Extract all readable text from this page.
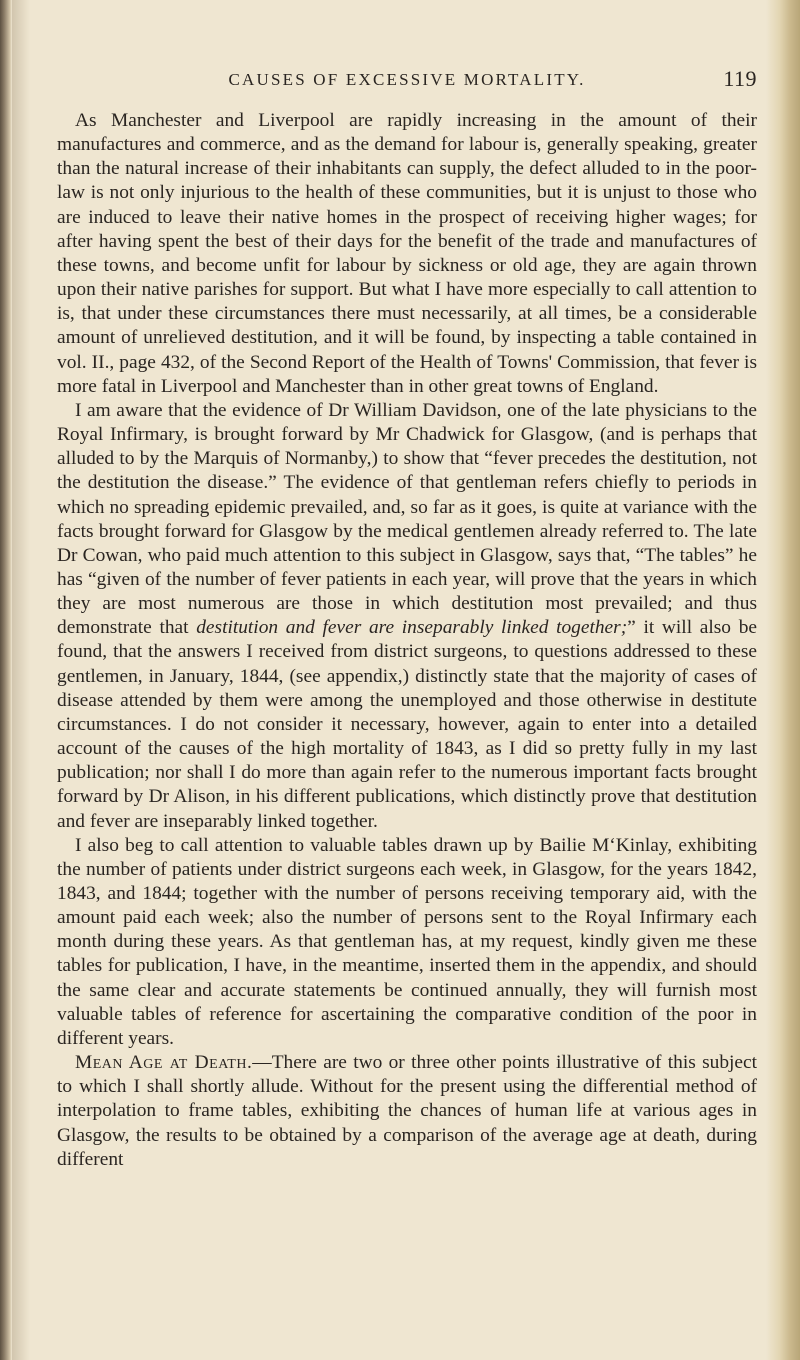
CAUSES OF EXCESSIVE MORTALITY.	119

As Manchester and Liverpool are rapidly increasing in the amount of their manufactures and commerce, and as the demand for labour is, generally speaking, greater than the natural increase of their inhabitants can supply, the defect alluded to in the poor-law is not only injurious to the health of these communities, but it is unjust to those who are induced to leave their native homes in the prospect of receiving higher wages; for after having spent the best of their days for the benefit of the trade and manufactures of these towns, and become unfit for labour by sickness or old age, they are again thrown upon their native parishes for support. But what I have more especially to call attention to is, that under these circumstances there must necessarily, at all times, be a considerable amount of unrelieved destitution, and it will be found, by inspecting a table contained in vol. II., page 432, of the Second Report of the Health of Towns' Commission, that fever is more fatal in Liverpool and Manchester than in other great towns of England.

I am aware that the evidence of Dr William Davidson, one of the late physicians to the Royal Infirmary, is brought forward by Mr Chadwick for Glasgow, (and is perhaps that alluded to by the Marquis of Normanby,) to show that “fever precedes the destitution, not the destitution the disease.” The evidence of that gentleman refers chiefly to periods in which no spreading epidemic prevailed, and, so far as it goes, is quite at variance with the facts brought forward for Glasgow by the medical gentlemen already referred to. The late Dr Cowan, who paid much attention to this subject in Glasgow, says that, “The tables” he has “given of the number of fever patients in each year, will prove that the years in which they are most numerous are those in which destitution most prevailed; and thus demonstrate that destitution and fever are inseparably linked together;” it will also be found, that the answers I received from district surgeons, to questions addressed to these gentlemen, in January, 1844, (see appendix,) distinctly state that the majority of cases of disease attended by them were among the unemployed and those otherwise in destitute circumstances. I do not consider it necessary, however, again to enter into a detailed account of the causes of the high mortality of 1843, as I did so pretty fully in my last publication; nor shall I do more than again refer to the numerous important facts brought forward by Dr Alison, in his different publications, which distinctly prove that destitution and fever are inseparably linked together.

I also beg to call attention to valuable tables drawn up by Bailie M‘Kinlay, exhibiting the number of patients under district surgeons each week, in Glasgow, for the years 1842, 1843, and 1844; together with the number of persons receiving temporary aid, with the amount paid each week; also the number of persons sent to the Royal Infirmary each month during these years. As that gentleman has, at my request, kindly given me these tables for publication, I have, in the meantime, inserted them in the appendix, and should the same clear and accurate statements be continued annually, they will furnish most valuable tables of reference for ascertaining the comparative condition of the poor in different years.

Mean Age at Death.—There are two or three other points illustrative of this subject to which I shall shortly allude. Without for the present using the differential method of interpolation to frame tables, exhibiting the chances of human life at various ages in Glasgow, the results to be obtained by a comparison of the average age at death, during different
